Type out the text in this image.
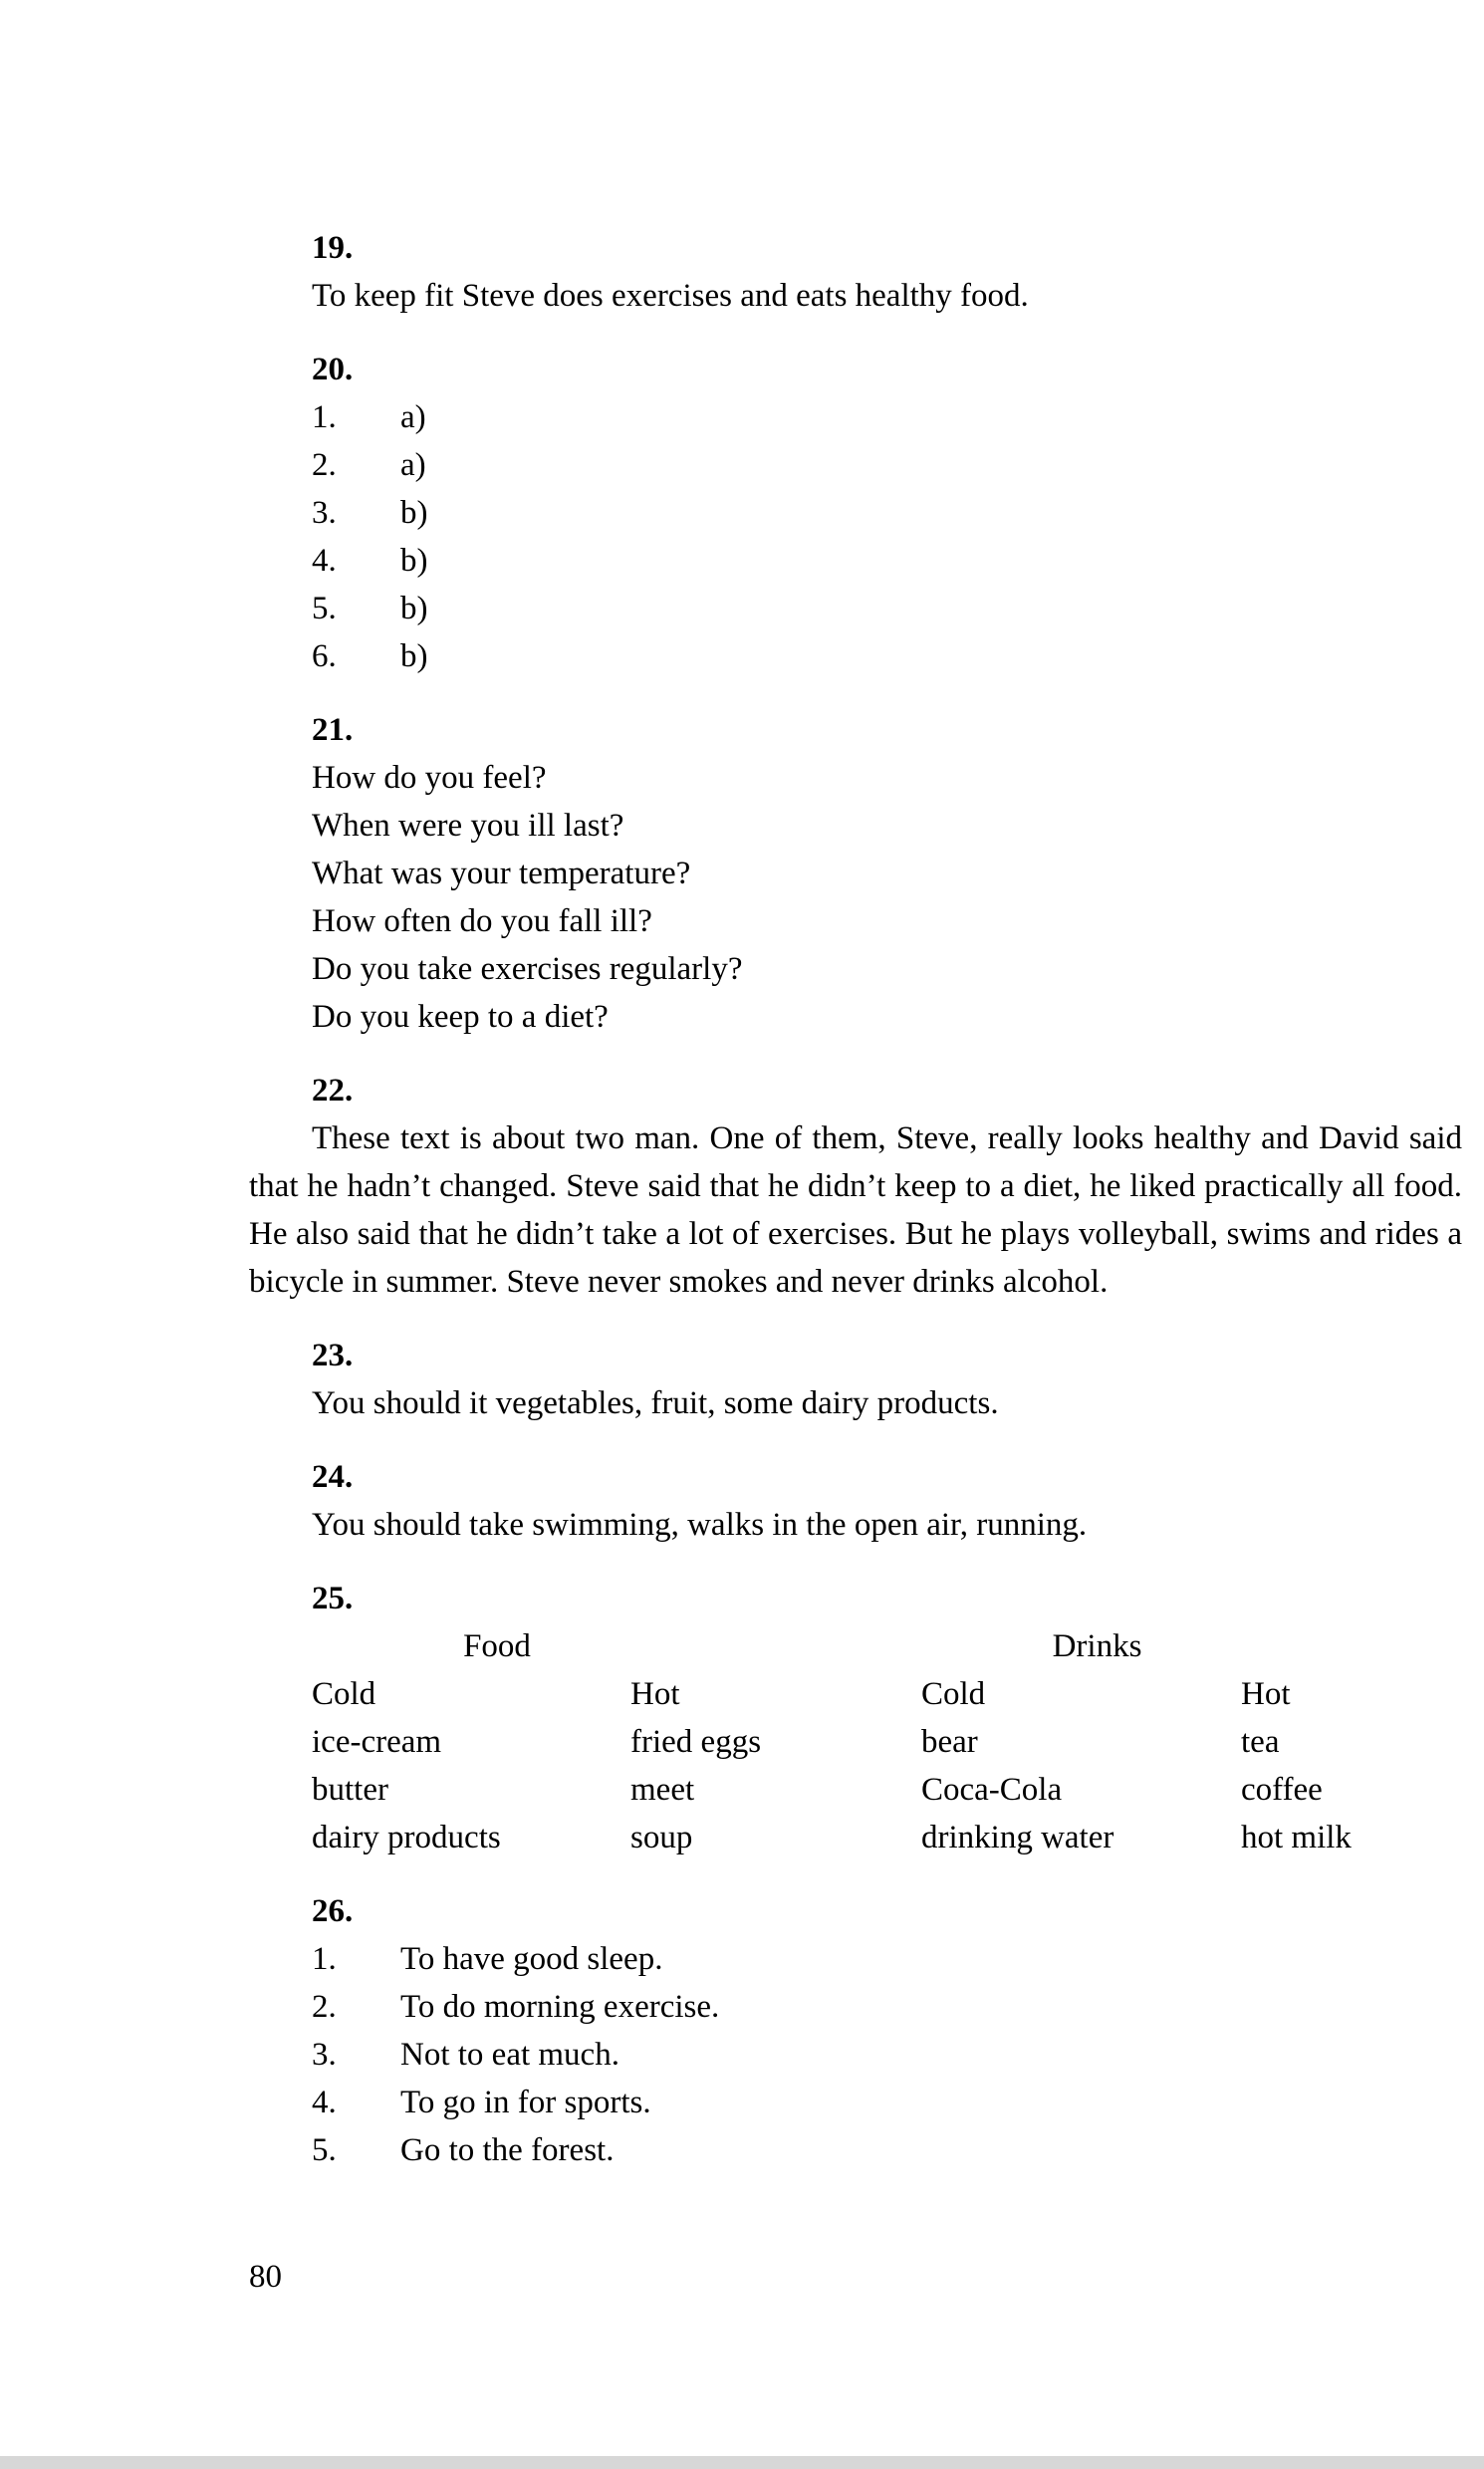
19.

To keep fit Steve does exercises and eats healthy food.

20.

1.	a)
2.	a)
3.	b)
4.	b)
5.	b)
6.	b)

21.

How do you feel?

When were you ill last?

What was your temperature?

How often do you fall ill?

Do you take exercises regularly?

Do you keep to a diet?

22.

These text is about two man. One of them, Steve, really looks healthy and David said that he hadn’t changed. Steve said that he didn’t keep to a diet, he liked practically all food. He also said that he didn’t take a lot of exercises. But he plays volleyball, swims and rides a bicycle in summer. Steve never smokes and never drinks alcohol.

23.

You should it vegetables, fruit, some dairy products.

24.

You should take swimming, walks in the open air, running.

25.

Food	Drinks
Cold	Hot	Cold	Hot
ice-cream	fried eggs	bear	tea
butter	meet	Coca-Cola	coffee
dairy products	soup	drinking water	hot milk

26.

1.	To have good sleep.
2.	To do morning exercise.
3.	Not to eat much.
4.	To go in for sports.
5.	Go to the forest.
80
